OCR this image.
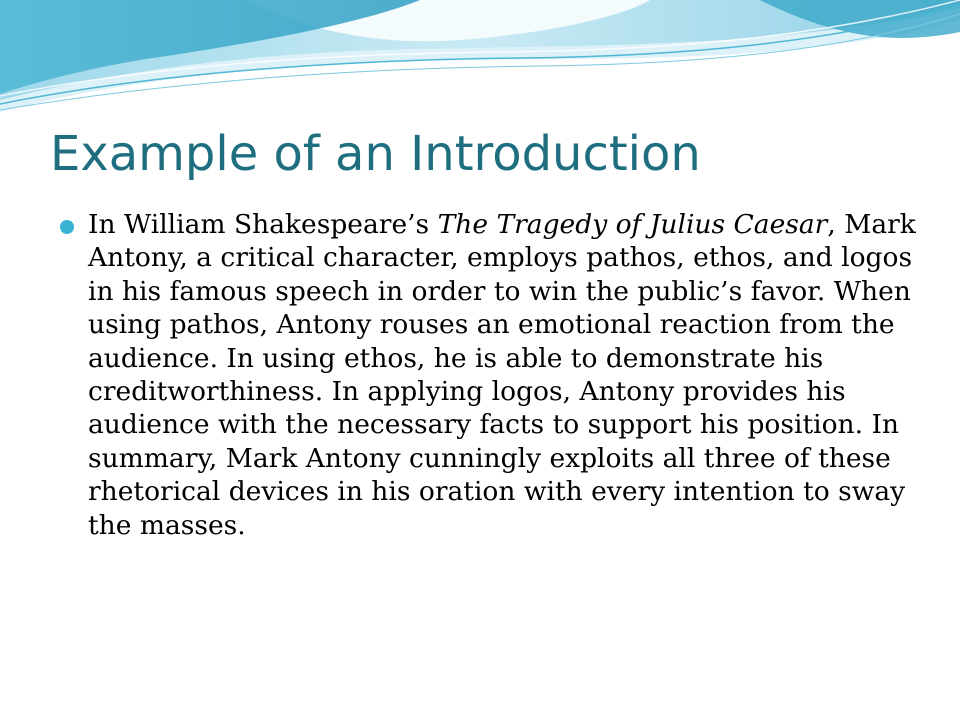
Example of an Introduction
In William Shakespeare’s The Tragedy of Julius Caesar, Mark Antony, a critical character, employs pathos, ethos, and logos in his famous speech in order to win the public’s favor. When using pathos, Antony rouses an emotional reaction from the audience. In using ethos, he is able to demonstrate his creditworthiness. In applying logos, Antony provides his audience with the necessary facts to support his position. In summary, Mark Antony cunningly exploits all three of these rhetorical devices in his oration with every intention to sway the masses.
